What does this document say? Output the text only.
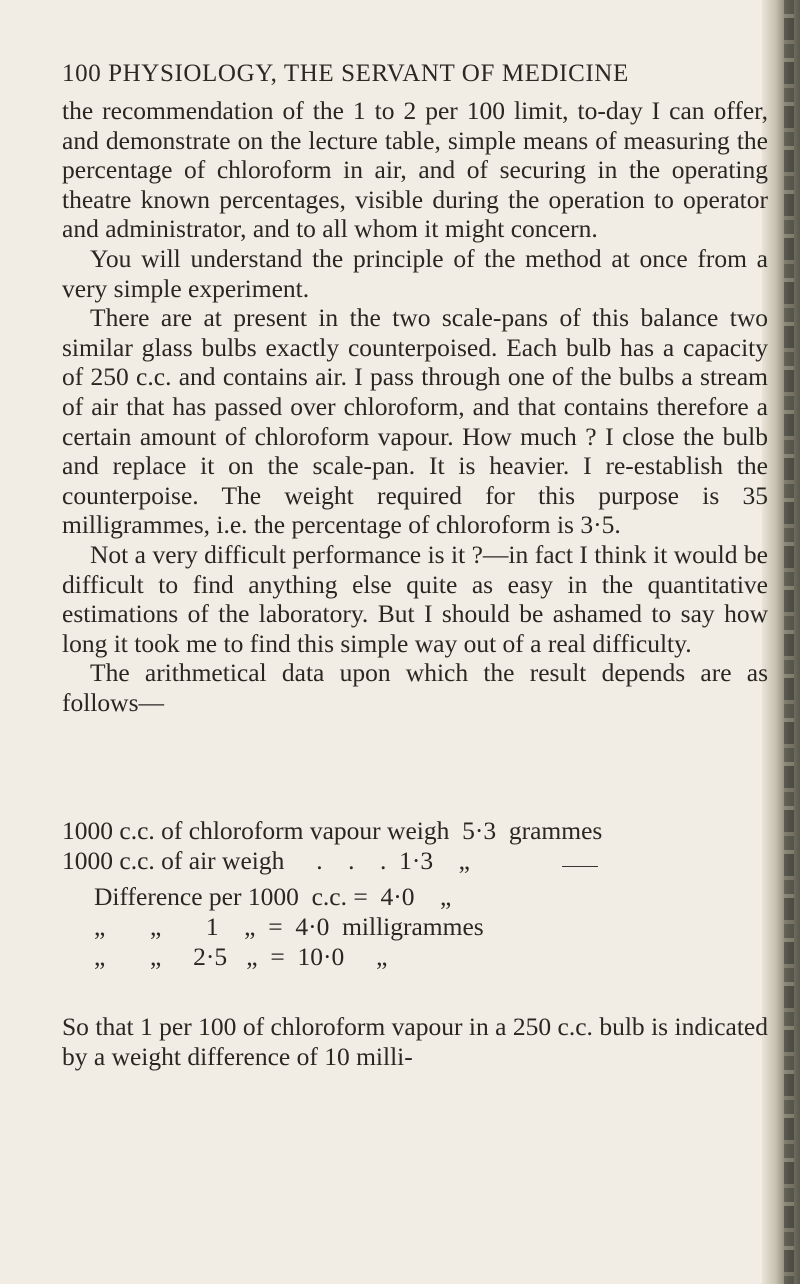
100 PHYSIOLOGY, THE SERVANT OF MEDICINE

the recommendation of the 1 to 2 per 100 limit, to-day I can offer, and demonstrate on the lecture table, simple means of measuring the percentage of chloroform in air, and of securing in the operating theatre known percentages, visible during the operation to operator and administrator, and to all whom it might concern.

You will understand the principle of the method at once from a very simple experiment.

There are at present in the two scale-pans of this balance two similar glass bulbs exactly counterpoised. Each bulb has a capacity of 250 c.c. and contains air. I pass through one of the bulbs a stream of air that has passed over chloroform, and that contains therefore a certain amount of chloroform vapour. How much ? I close the bulb and replace it on the scale-pan. It is heavier. I re-establish the counterpoise. The weight required for this purpose is 35 milligrammes, i.e. the percentage of chloroform is 3·5.

Not a very difficult performance is it ?—in fact I think it would be difficult to find anything else quite as easy in the quantitative estimations of the laboratory. But I should be ashamed to say how long it took me to find this simple way out of a real difficulty.

The arithmetical data upon which the result depends are as follows—

1000 c.c. of chloroform vapour weigh  5·3  grammes
1000 c.c. of air weigh     .    .    .  1·3    „
Difference per 1000  c.c. =  4·0    „
„       „       1    „  =  4·0  milligrammes
„       „     2·5   „  =  10·0     „

So that 1 per 100 of chloroform vapour in a 250 c.c. bulb is indicated by a weight difference of 10 milli-
